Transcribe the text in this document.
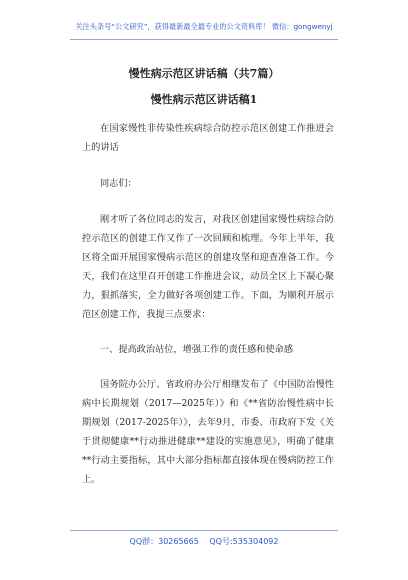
关注头条号“公文研究”，获得最新最全最专业的公文资料库！ 微信：gongwenyj
慢性病示范区讲话稿（共7篇）
慢性病示范区讲话稿1
在国家慢性非传染性疾病综合防控示范区创建工作推进会上的讲话
同志们：
刚才听了各位同志的发言，对我区创建国家慢性病综合防控示范区的创建工作又作了一次回顾和梳理。今年上半年，我区将全面开展国家慢病示范区的创建攻坚和迎查准备工作。今天，我们在这里召开创建工作推进会议，动员全区上下凝心聚力，狠抓落实，全力做好各项创建工作。下面，为顺利开展示范区创建工作，我提三点要求：
一、提高政治站位，增强工作的责任感和使命感
国务院办公厅、省政府办公厅相继发布了《中国防治慢性病中长期规划（2017—2025年）》和《**省防治慢性病中长期规划（2017-2025年）》，去年9月，市委、市政府下发《关于贯彻健康**行动推进健康**建设的实施意见》，明确了健康**行动主要指标，其中大部分指标都直接体现在慢病防控工作上。
QQ群：30265665 QQ号:535304092
